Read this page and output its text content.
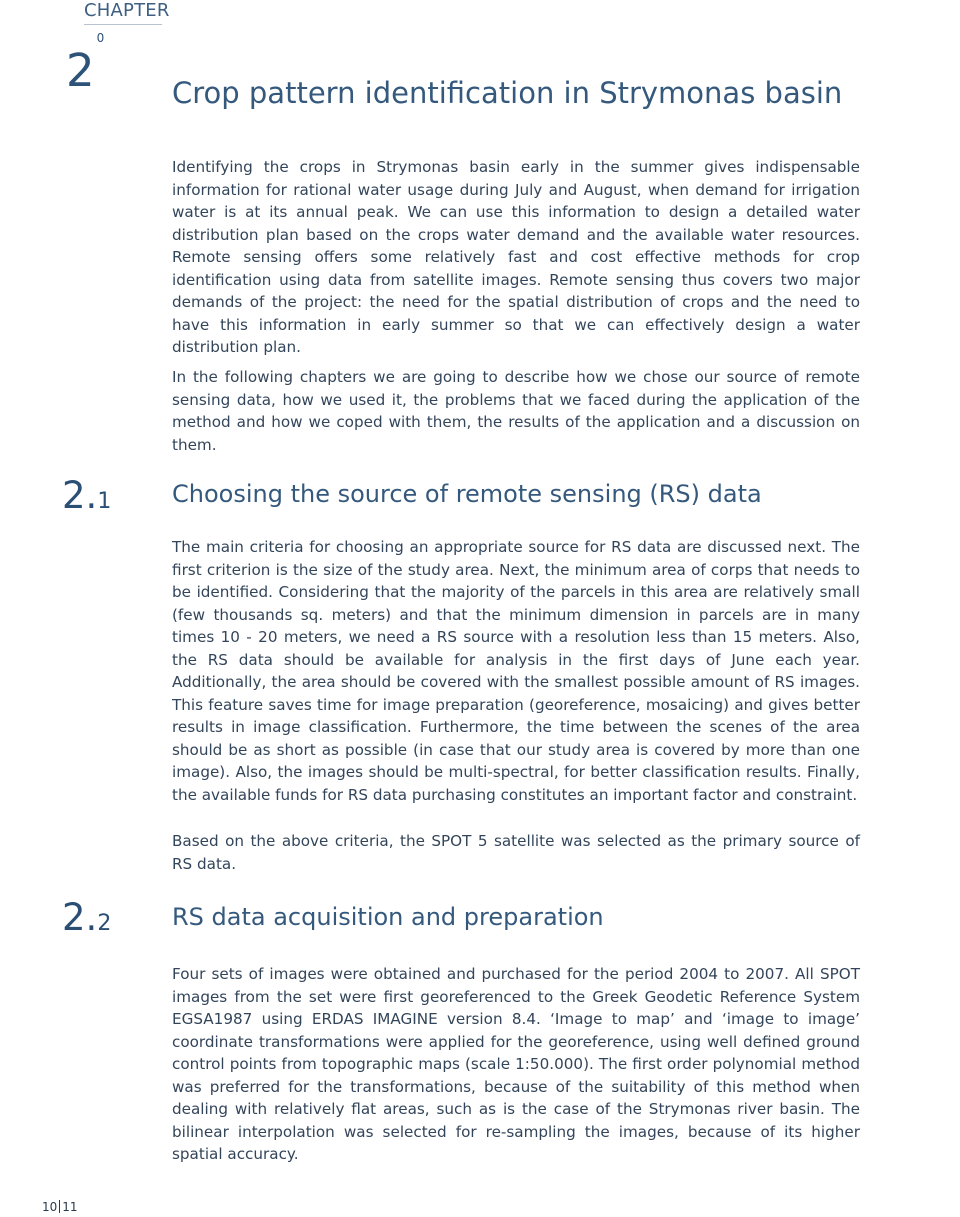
CHAPTER
$2^0$
Crop pattern identification in Strymonas basin

Identifying the crops in Strymonas basin early in the summer gives indispensable information for rational water usage during July and August, when demand for irrigation water is at its annual peak. We can use this information to design a detailed water distribution plan based on the crops water demand and the available water resources. Remote sensing offers some relatively fast and cost effective methods for crop identification using data from satellite images. Remote sensing thus covers two major demands of the project: the need for the spatial distribution of crops and the need to have this information in early summer so that we can effectively design a water distribution plan.

In the following chapters we are going to describe how we chose our source of remote sensing data, how we used it, the problems that we faced during the application of the method and how we coped with them, the results of the application and a discussion on them.

2.1	Choosing the source of remote sensing (RS) data

The main criteria for choosing an appropriate source for RS data are discussed next. The first criterion is the size of the study area. Next, the minimum area of corps that needs to be identified. Considering that the majority of the parcels in this area are relatively small (few thousands sq. meters) and that the minimum dimension in parcels are in many times 10 - 20 meters, we need a RS source with a resolution less than 15 meters. Also, the RS data should be available for analysis in the first days of June each year. Additionally, the area should be covered with the smallest possible amount of RS images. This feature saves time for image preparation (georeference, mosaicing) and gives better results in image classification. Furthermore, the time between the scenes of the area should be as short as possible (in case that our study area is covered by more than one image). Also, the images should be multi-spectral, for better classification results. Finally, the available funds for RS data purchasing constitutes an important factor and constraint.

Based on the above criteria, the SPOT 5 satellite was selected as the primary source of RS data.

2.2	RS data acquisition and preparation

Four sets of images were obtained and purchased for the period 2004 to 2007. All SPOT images from the set were first georeferenced to the Greek Geodetic Reference System EGSA1987 using ERDAS IMAGINE version 8.4. ‘Image to map’ and ‘image to image’ coordinate transformations were applied for the georeference, using well defined ground control points from topographic maps (scale 1:50.000). The first order polynomial method was preferred for the transformations, because of the suitability of this method when dealing with relatively flat areas, such as is the case of the Strymonas river basin. The bilinear interpolation was selected for re-sampling the images, because of its higher spatial accuracy.

10 11
